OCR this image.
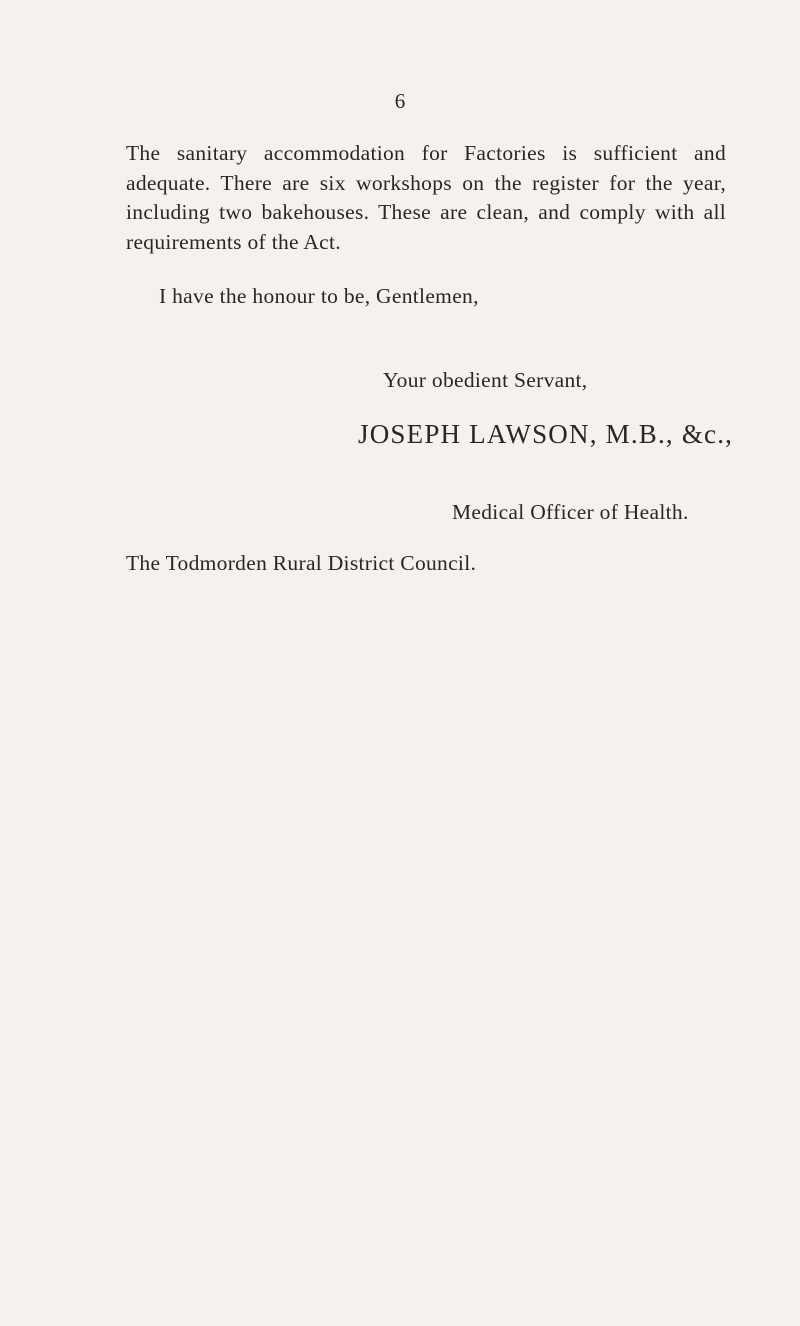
6

The sanitary accommodation for Factories is sufficient and adequate. There are six workshops on the register for the year, including two bakehouses. These are clean, and comply with all requirements of the Act.

I have the honour to be, Gentlemen,
Your obedient Servant,
JOSEPH LAWSON, M.B., &c.,
Medical Officer of Health.
The Todmorden Rural District Council.
